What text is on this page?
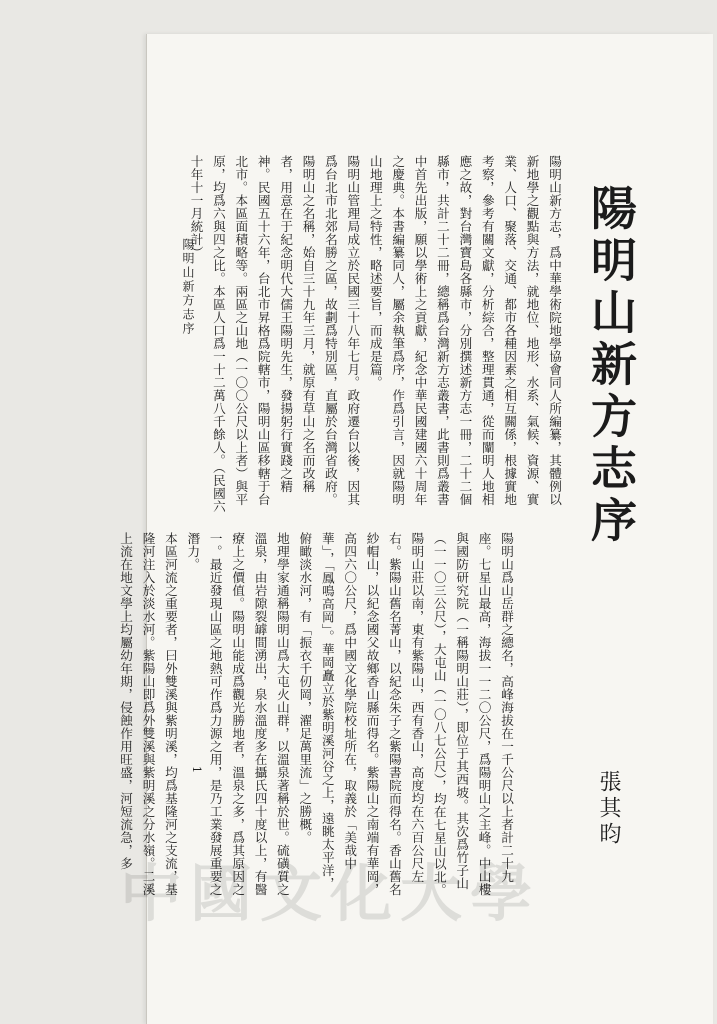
陽明山新方志序
張其昀
陽明山新方志序
1

陽明山新方志，爲中華學術院地學協會同人所編纂，其體例以新地學之觀點與方法，就地位、地形、水系、氣候、資源、實業、人口、聚落、交通、都市各種因素之相互關係，根據實地考察，參考有關文獻，分析綜合，整理貫通，從而闡明人地相應之故，對台灣寶島各縣市，分別撰述新方志一冊，二十二個縣市，共計二十二冊，總稱爲台灣新方志叢書，此書則爲叢書中首先出版，願以學術上之貢獻，紀念中華民國建國六十周年之慶典。本書編纂同人，屬余執筆爲序，作爲引言，因就陽明山地理上之特性，略述要旨，而成是篇。

陽明山管理局成立於民國三十八年七月。政府遷台以後，因其爲台北市北郊名勝之區，故劃爲特別區，直屬於台灣省政府。陽明山之名稱，始自三十九年三月，就原有草山之名而改稱者，用意在于紀念明代大儒王陽明先生，發揚躬行實踐之精神。民國五十六年，台北市昇格爲院轄市，陽明山區移轄于台北市。本區面積略等。兩區之山地（一〇〇公尺以上者）與平原，均爲六與四之比。本區人口爲一十二萬八千餘人。（民國六十年十一月統計）

陽明山爲山岳群之總名，高峰海拔在一千公尺以上者計二十九座。七星山最高，海拔一一二〇公尺，爲陽明山之主峰。中山樓與國防研究院（一稱陽明山莊），即位于其西坡。其次爲竹子山（一一〇三公尺），大屯山（一〇八七公尺），均在七星山以北。陽明山莊以南，東有紫陽山，西有香山，高度均在六百公尺左右。紫陽山舊名菁山，以紀念朱子之紫陽書院而得名。香山舊名紗帽山，以紀念國父故鄉香山縣而得名。紫陽山之南端有華岡，高四六〇公尺，爲中國文化學院校址所在，取義於「美哉中華」，「鳳鳴高岡」。華岡矗立於紫明溪河谷之上，遠眺太平洋，俯瞰淡水河，有「振衣千仞岡，濯足萬里流」之勝概。

地理學家通稱陽明山爲大屯火山群，以溫泉著稱於世。硫磺質之溫泉，由岩隙裂罅間湧出，泉水溫度多在攝氏四十度以上，有醫療上之價值。陽明山能成爲觀光勝地者，溫泉之多，爲其原因之一。最近發現山區之地熱可作爲力源之用，是乃工業發展重要之潛力。

本區河流之重要者，曰外雙溪與紫明溪，均爲基隆河之支流，基隆河注入於淡水河。紫陽山即爲外雙溪與紫明溪之分水嶺。二溪上流在地文學上均屬幼年期，侵蝕作用旺盛，河短流急，多

中國文化大學
